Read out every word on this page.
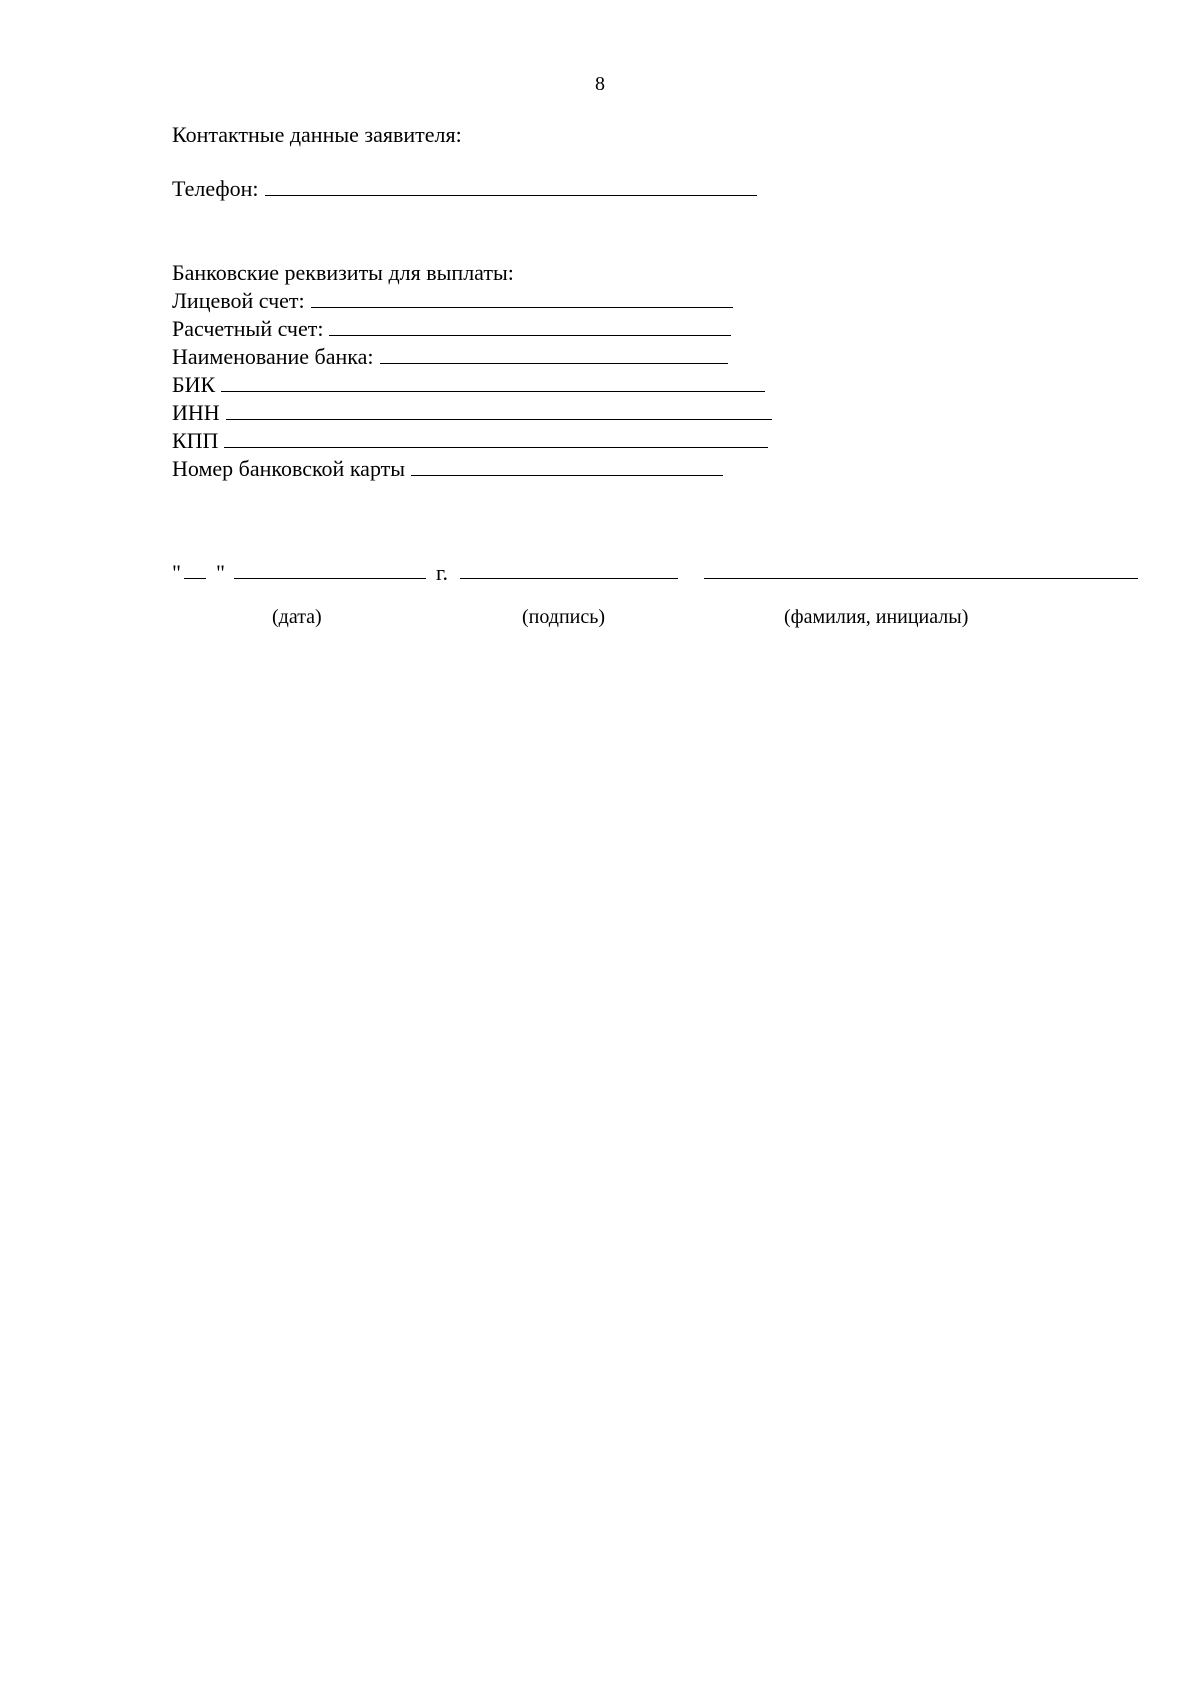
8
Контактные данные заявителя:
Телефон:
Банковские реквизиты для выплаты:
Лицевой счет:
Расчетный счет:
Наименование банка:
БИК
ИНН
КПП
Номер банковской карты
" "	г.
(дата)	(подпись)	(фамилия, инициалы)
